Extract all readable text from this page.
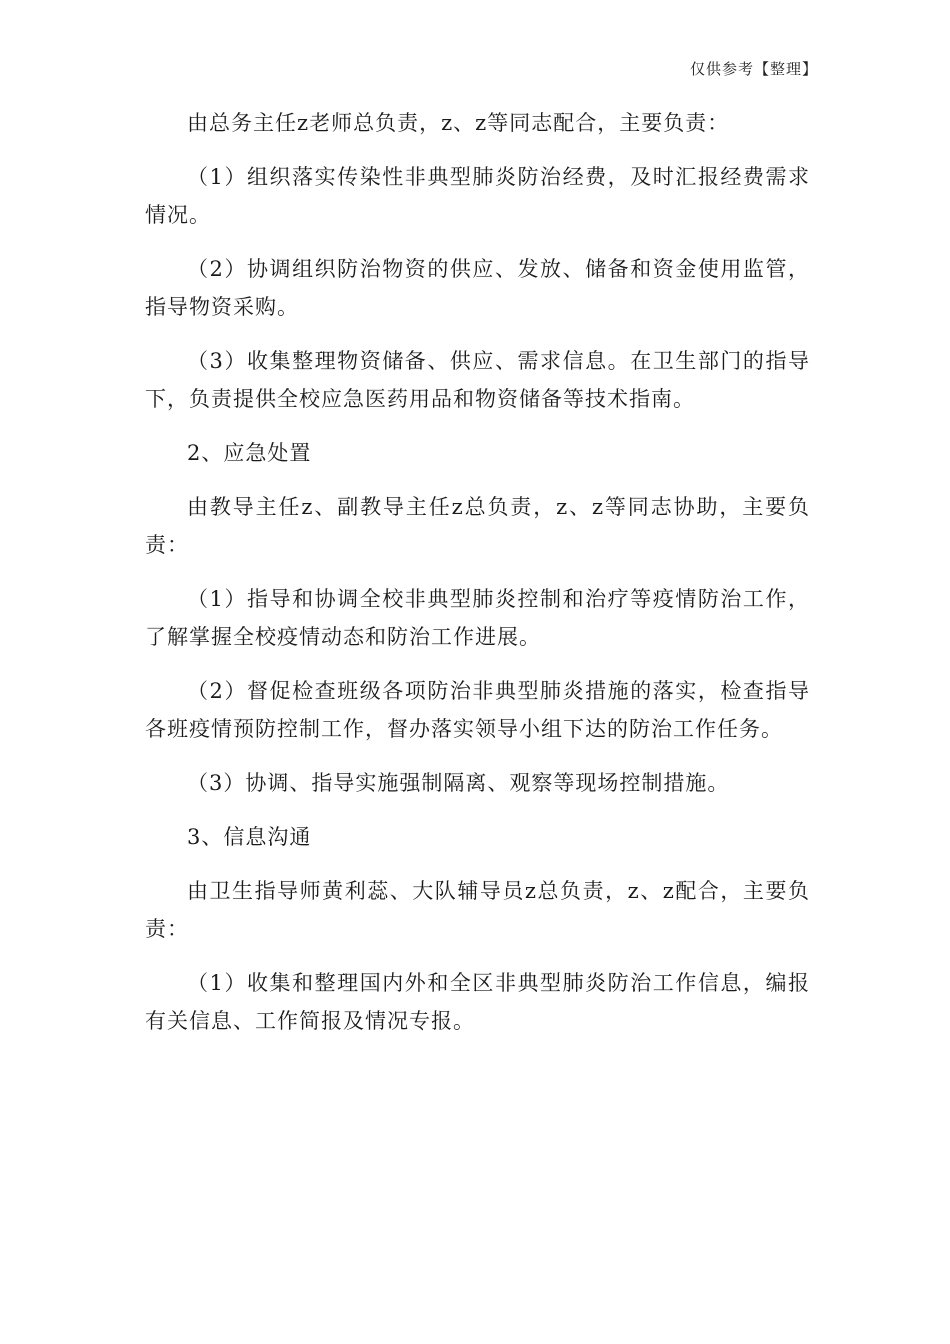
仅供参考【整理】

由总务主任z老师总负责，z、z等同志配合，主要负责：

（1）组织落实传染性非典型肺炎防治经费，及时汇报经费需求情况。

（2）协调组织防治物资的供应、发放、储备和资金使用监管，指导物资采购。

（3）收集整理物资储备、供应、需求信息。在卫生部门的指导下，负责提供全校应急医药用品和物资储备等技术指南。

2、应急处置

由教导主任z、副教导主任z总负责，z、z等同志协助，主要负责：

（1）指导和协调全校非典型肺炎控制和治疗等疫情防治工作，了解掌握全校疫情动态和防治工作进展。

（2）督促检查班级各项防治非典型肺炎措施的落实，检查指导各班疫情预防控制工作，督办落实领导小组下达的防治工作任务。

（3）协调、指导实施强制隔离、观察等现场控制措施。

3、信息沟通

由卫生指导师黄利蕊、大队辅导员z总负责，z、z配合，主要负责：

（1）收集和整理国内外和全区非典型肺炎防治工作信息，编报有关信息、工作简报及情况专报。
